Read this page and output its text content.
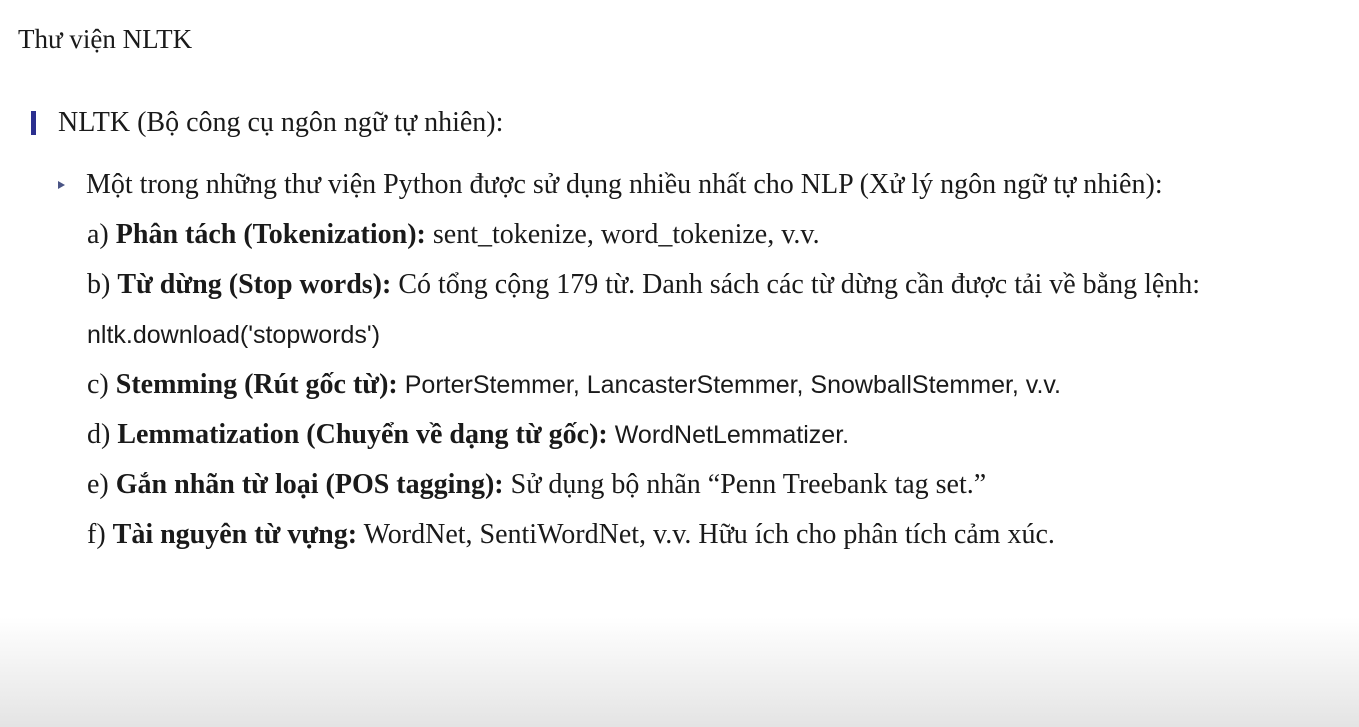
Thư viện NLTK
NLTK (Bộ công cụ ngôn ngữ tự nhiên):
Một trong những thư viện Python được sử dụng nhiều nhất cho NLP (Xử lý ngôn ngữ tự nhiên):
a) Phân tách (Tokenization): sent_tokenize, word_tokenize, v.v.
b) Từ dừng (Stop words): Có tổng cộng 179 từ. Danh sách các từ dừng cần được tải về bằng lệnh:
nltk.download('stopwords')
c) Stemming (Rút gốc từ): PorterStemmer, LancasterStemmer, SnowballStemmer, v.v.
d) Lemmatization (Chuyển về dạng từ gốc): WordNetLemmatizer.
e) Gắn nhãn từ loại (POS tagging): Sử dụng bộ nhãn “Penn Treebank tag set.”
f) Tài nguyên từ vựng: WordNet, SentiWordNet, v.v. Hữu ích cho phân tích cảm xúc.
